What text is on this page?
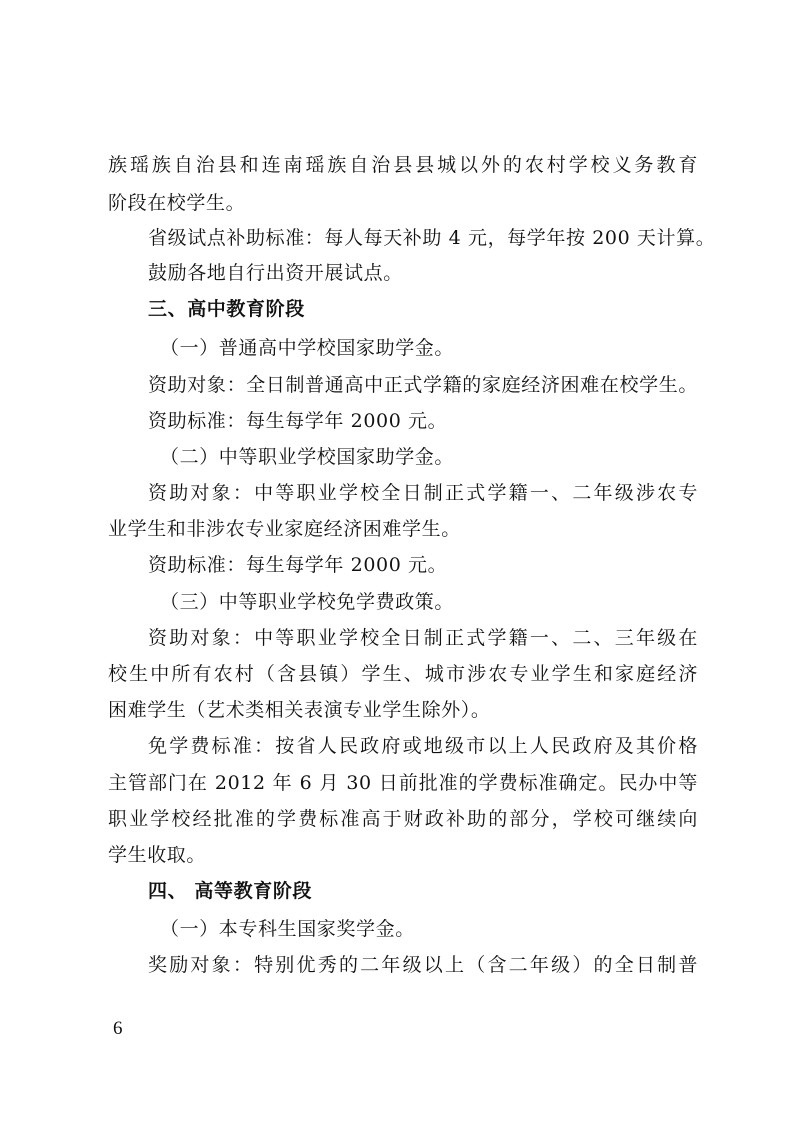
族瑶族自治县和连南瑶族自治县县城以外的农村学校义务教育
阶段在校学生。
省级试点补助标准：每人每天补助 4 元，每学年按 200 天计算。
鼓励各地自行出资开展试点。
三、高中教育阶段
（一）普通高中学校国家助学金。
资助对象：全日制普通高中正式学籍的家庭经济困难在校学生。
资助标准：每生每学年 2000 元。
（二）中等职业学校国家助学金。
资助对象：中等职业学校全日制正式学籍一、二年级涉农专
业学生和非涉农专业家庭经济困难学生。
资助标准：每生每学年 2000 元。
（三）中等职业学校免学费政策。
资助对象：中等职业学校全日制正式学籍一、二、三年级在
校生中所有农村（含县镇）学生、城市涉农专业学生和家庭经济
困难学生（艺术类相关表演专业学生除外）。
免学费标准：按省人民政府或地级市以上人民政府及其价格
主管部门在 2012 年 6 月 30 日前批准的学费标准确定。民办中等
职业学校经批准的学费标准高于财政补助的部分，学校可继续向
学生收取。
四、 高等教育阶段
（一）本专科生国家奖学金。
奖励对象：特别优秀的二年级以上（含二年级）的全日制普
6
